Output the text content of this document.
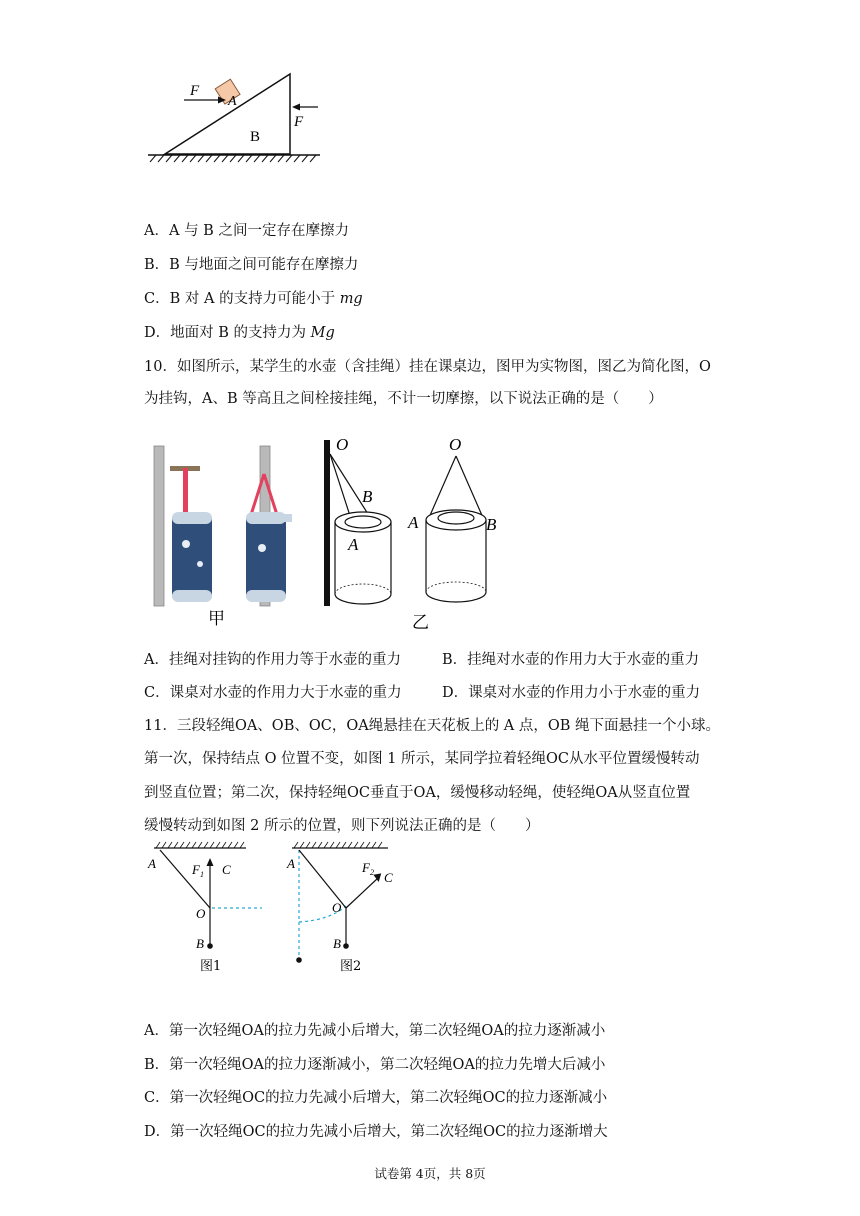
A
F
B
F
A．A 与 B 之间一定存在摩擦力
B．B 与地面之间可能存在摩擦力
C．B 对 A 的支持力可能小于 mg
D．地面对 B 的支持力为 Mg
10．如图所示，某学生的水壶（含挂绳）挂在课桌边，图甲为实物图，图乙为简化图，O
为挂钩，A、B 等高且之间栓接挂绳，不计一切摩擦，以下说法正确的是（　　）
甲
O
B
A
O
A	B
乙
A．挂绳对挂钩的作用力等于水壶的重力	B．挂绳对水壶的作用力大于水壶的重力
C．课桌对水壶的作用力大于水壶的重力	D．课桌对水壶的作用力小于水壶的重力
11．三段轻绳OA、OB、OC，OA绳悬挂在天花板上的 A 点，OB 绳下面悬挂一个小球。
第一次，保持结点 O 位置不变，如图 1 所示，某同学拉着轻绳OC从水平位置缓慢转动
到竖直位置；第二次，保持轻绳OC垂直于OA，缓慢移动轻绳，使轻绳OA从竖直位置
缓慢转动到如图 2 所示的位置，则下列说法正确的是（　　）
A	$F_1$ C
O
B
图1
A	$F_2$ C
O
B
图2
A．第一次轻绳OA的拉力先减小后增大，第二次轻绳OA的拉力逐渐减小
B．第一次轻绳OA的拉力逐渐减小，第二次轻绳OA的拉力先增大后减小
C．第一次轻绳OC的拉力先减小后增大，第二次轻绳OC的拉力逐渐减小
D．第一次轻绳OC的拉力先减小后增大，第二次轻绳OC的拉力逐渐增大
试卷第 4页，共 8页
